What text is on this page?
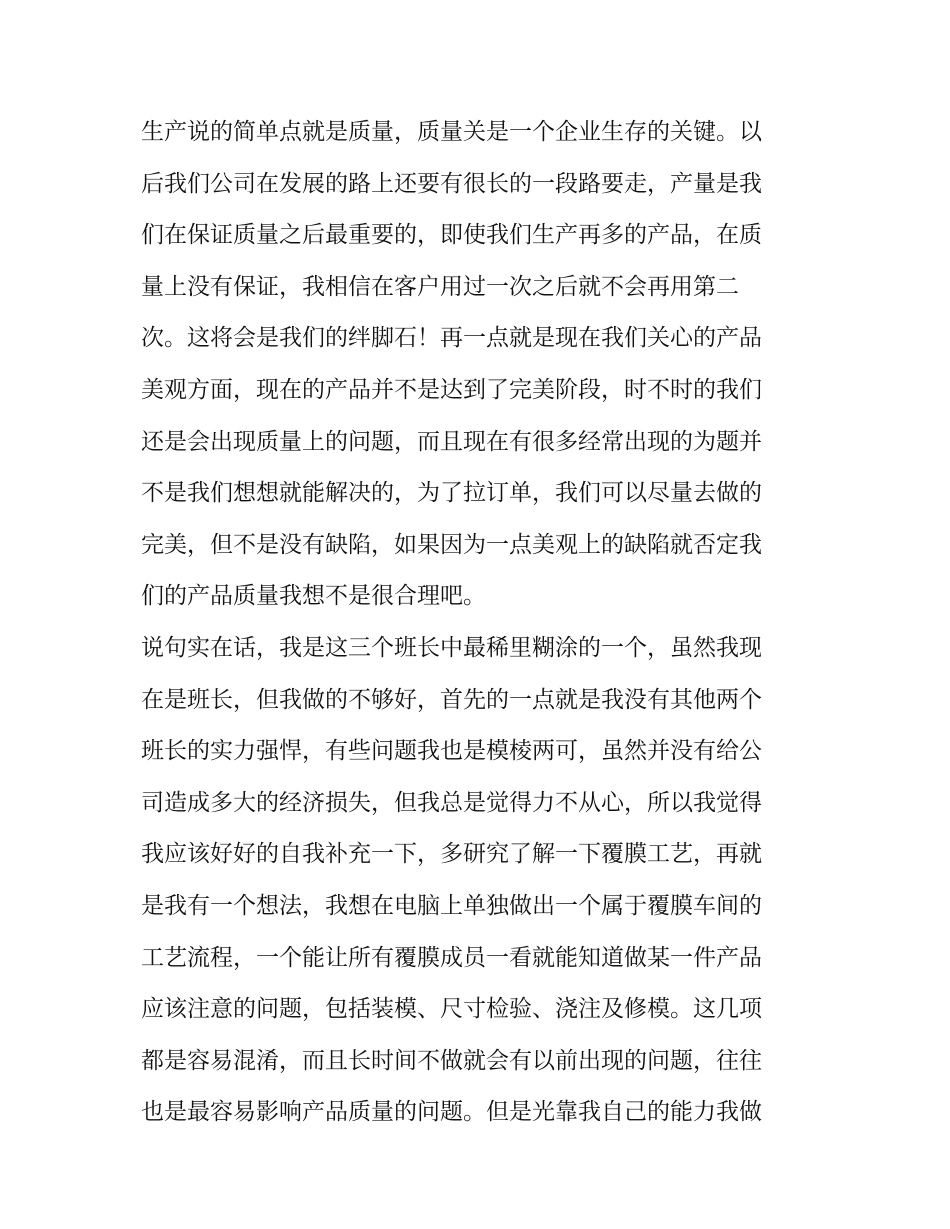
生产说的简单点就是质量，质量关是一个企业生存的关键。以
后我们公司在发展的路上还要有很长的一段路要走，产量是我
们在保证质量之后最重要的，即使我们生产再多的产品，在质
量上没有保证，我相信在客户用过一次之后就不会再用第二
次。这将会是我们的绊脚石！再一点就是现在我们关心的产品
美观方面，现在的产品并不是达到了完美阶段，时不时的我们
还是会出现质量上的问题，而且现在有很多经常出现的为题并
不是我们想想就能解决的，为了拉订单，我们可以尽量去做的
完美，但不是没有缺陷，如果因为一点美观上的缺陷就否定我
们的产品质量我想不是很合理吧。
说句实在话，我是这三个班长中最稀里糊涂的一个，虽然我现
在是班长，但我做的不够好，首先的一点就是我没有其他两个
班长的实力强悍，有些问题我也是模棱两可，虽然并没有给公
司造成多大的经济损失，但我总是觉得力不从心，所以我觉得
我应该好好的自我补充一下，多研究了解一下覆膜工艺，再就
是我有一个想法，我想在电脑上单独做出一个属于覆膜车间的
工艺流程，一个能让所有覆膜成员一看就能知道做某一件产品
应该注意的问题，包括装模、尺寸检验、浇注及修模。这几项
都是容易混淆，而且长时间不做就会有以前出现的问题，往往
也是最容易影响产品质量的问题。但是光靠我自己的能力我做
